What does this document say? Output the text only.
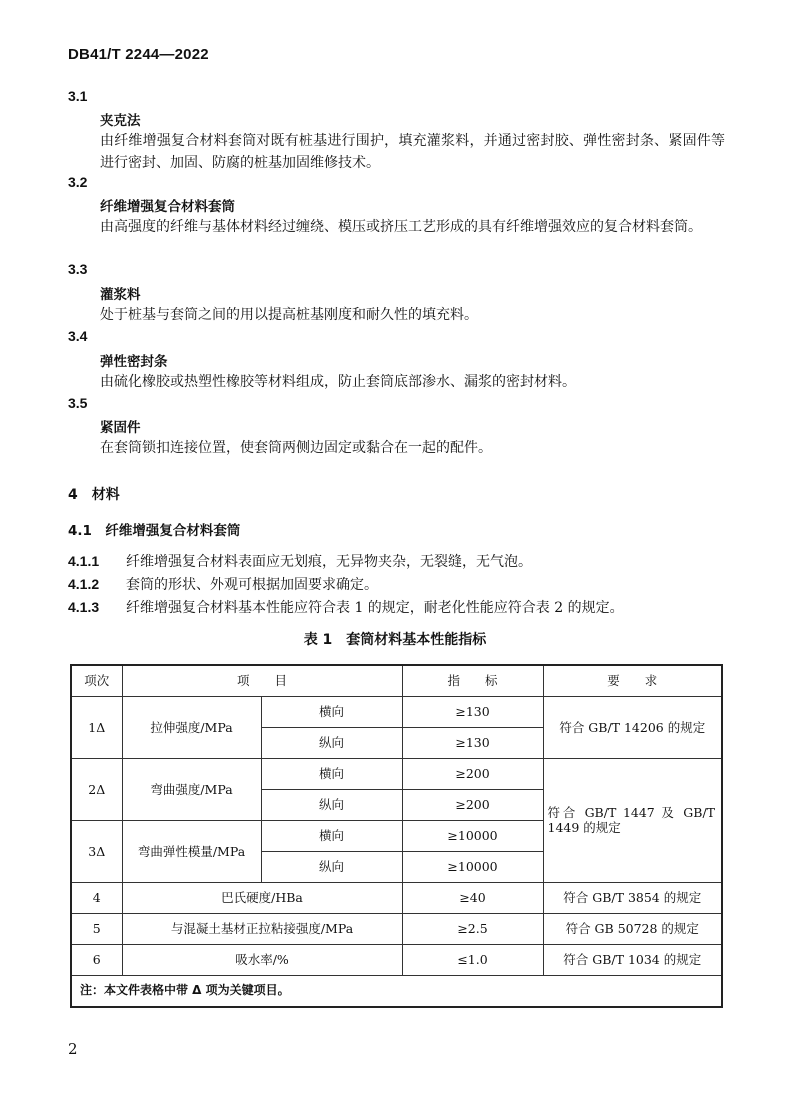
DB41/T 2244—2022
3.1
夹克法
由纤维增强复合材料套筒对既有桩基进行围护，填充灌浆料，并通过密封胶、弹性密封条、紧固件等进行密封、加固、防腐的桩基加固维修技术。
3.2
纤维增强复合材料套筒
由高强度的纤维与基体材料经过缠绕、模压或挤压工艺形成的具有纤维增强效应的复合材料套筒。
3.3
灌浆料
处于桩基与套筒之间的用以提高桩基刚度和耐久性的填充料。
3.4
弹性密封条
由硫化橡胶或热塑性橡胶等材料组成，防止套筒底部渗水、漏浆的密封材料。
3.5
紧固件
在套筒锁扣连接位置，使套筒两侧边固定或黏合在一起的配件。
4　材料
4.1　纤维增强复合材料套筒
4.1.1 纤维增强复合材料表面应无划痕，无异物夹杂，无裂缝，无气泡。
4.1.2 套筒的形状、外观可根据加固要求确定。
4.1.3 纤维增强复合材料基本性能应符合表 1 的规定，耐老化性能应符合表 2 的规定。
表 1　套筒材料基本性能指标
项次	项　　目		指　　标	要　　求
1Δ	拉伸强度/MPa	横向	≥130	符合 GB/T 14206 的规定
		纵向	≥130	
2Δ	弯曲强度/MPa	横向	≥200	符合 GB/T 1447 及 GB/T 1449 的规定
		纵向	≥200	
3Δ	弯曲弹性模量/MPa	横向	≥10000	
		纵向	≥10000	
4	巴氏硬度/HBa		≥40	符合 GB/T 3854 的规定
5	与混凝土基材正拉粘接强度/MPa		≥2.5	符合 GB 50728 的规定
6	吸水率/%		≤1.0	符合 GB/T 1034 的规定
注：本文件表格中带 Δ 项为关键项目。				
2
